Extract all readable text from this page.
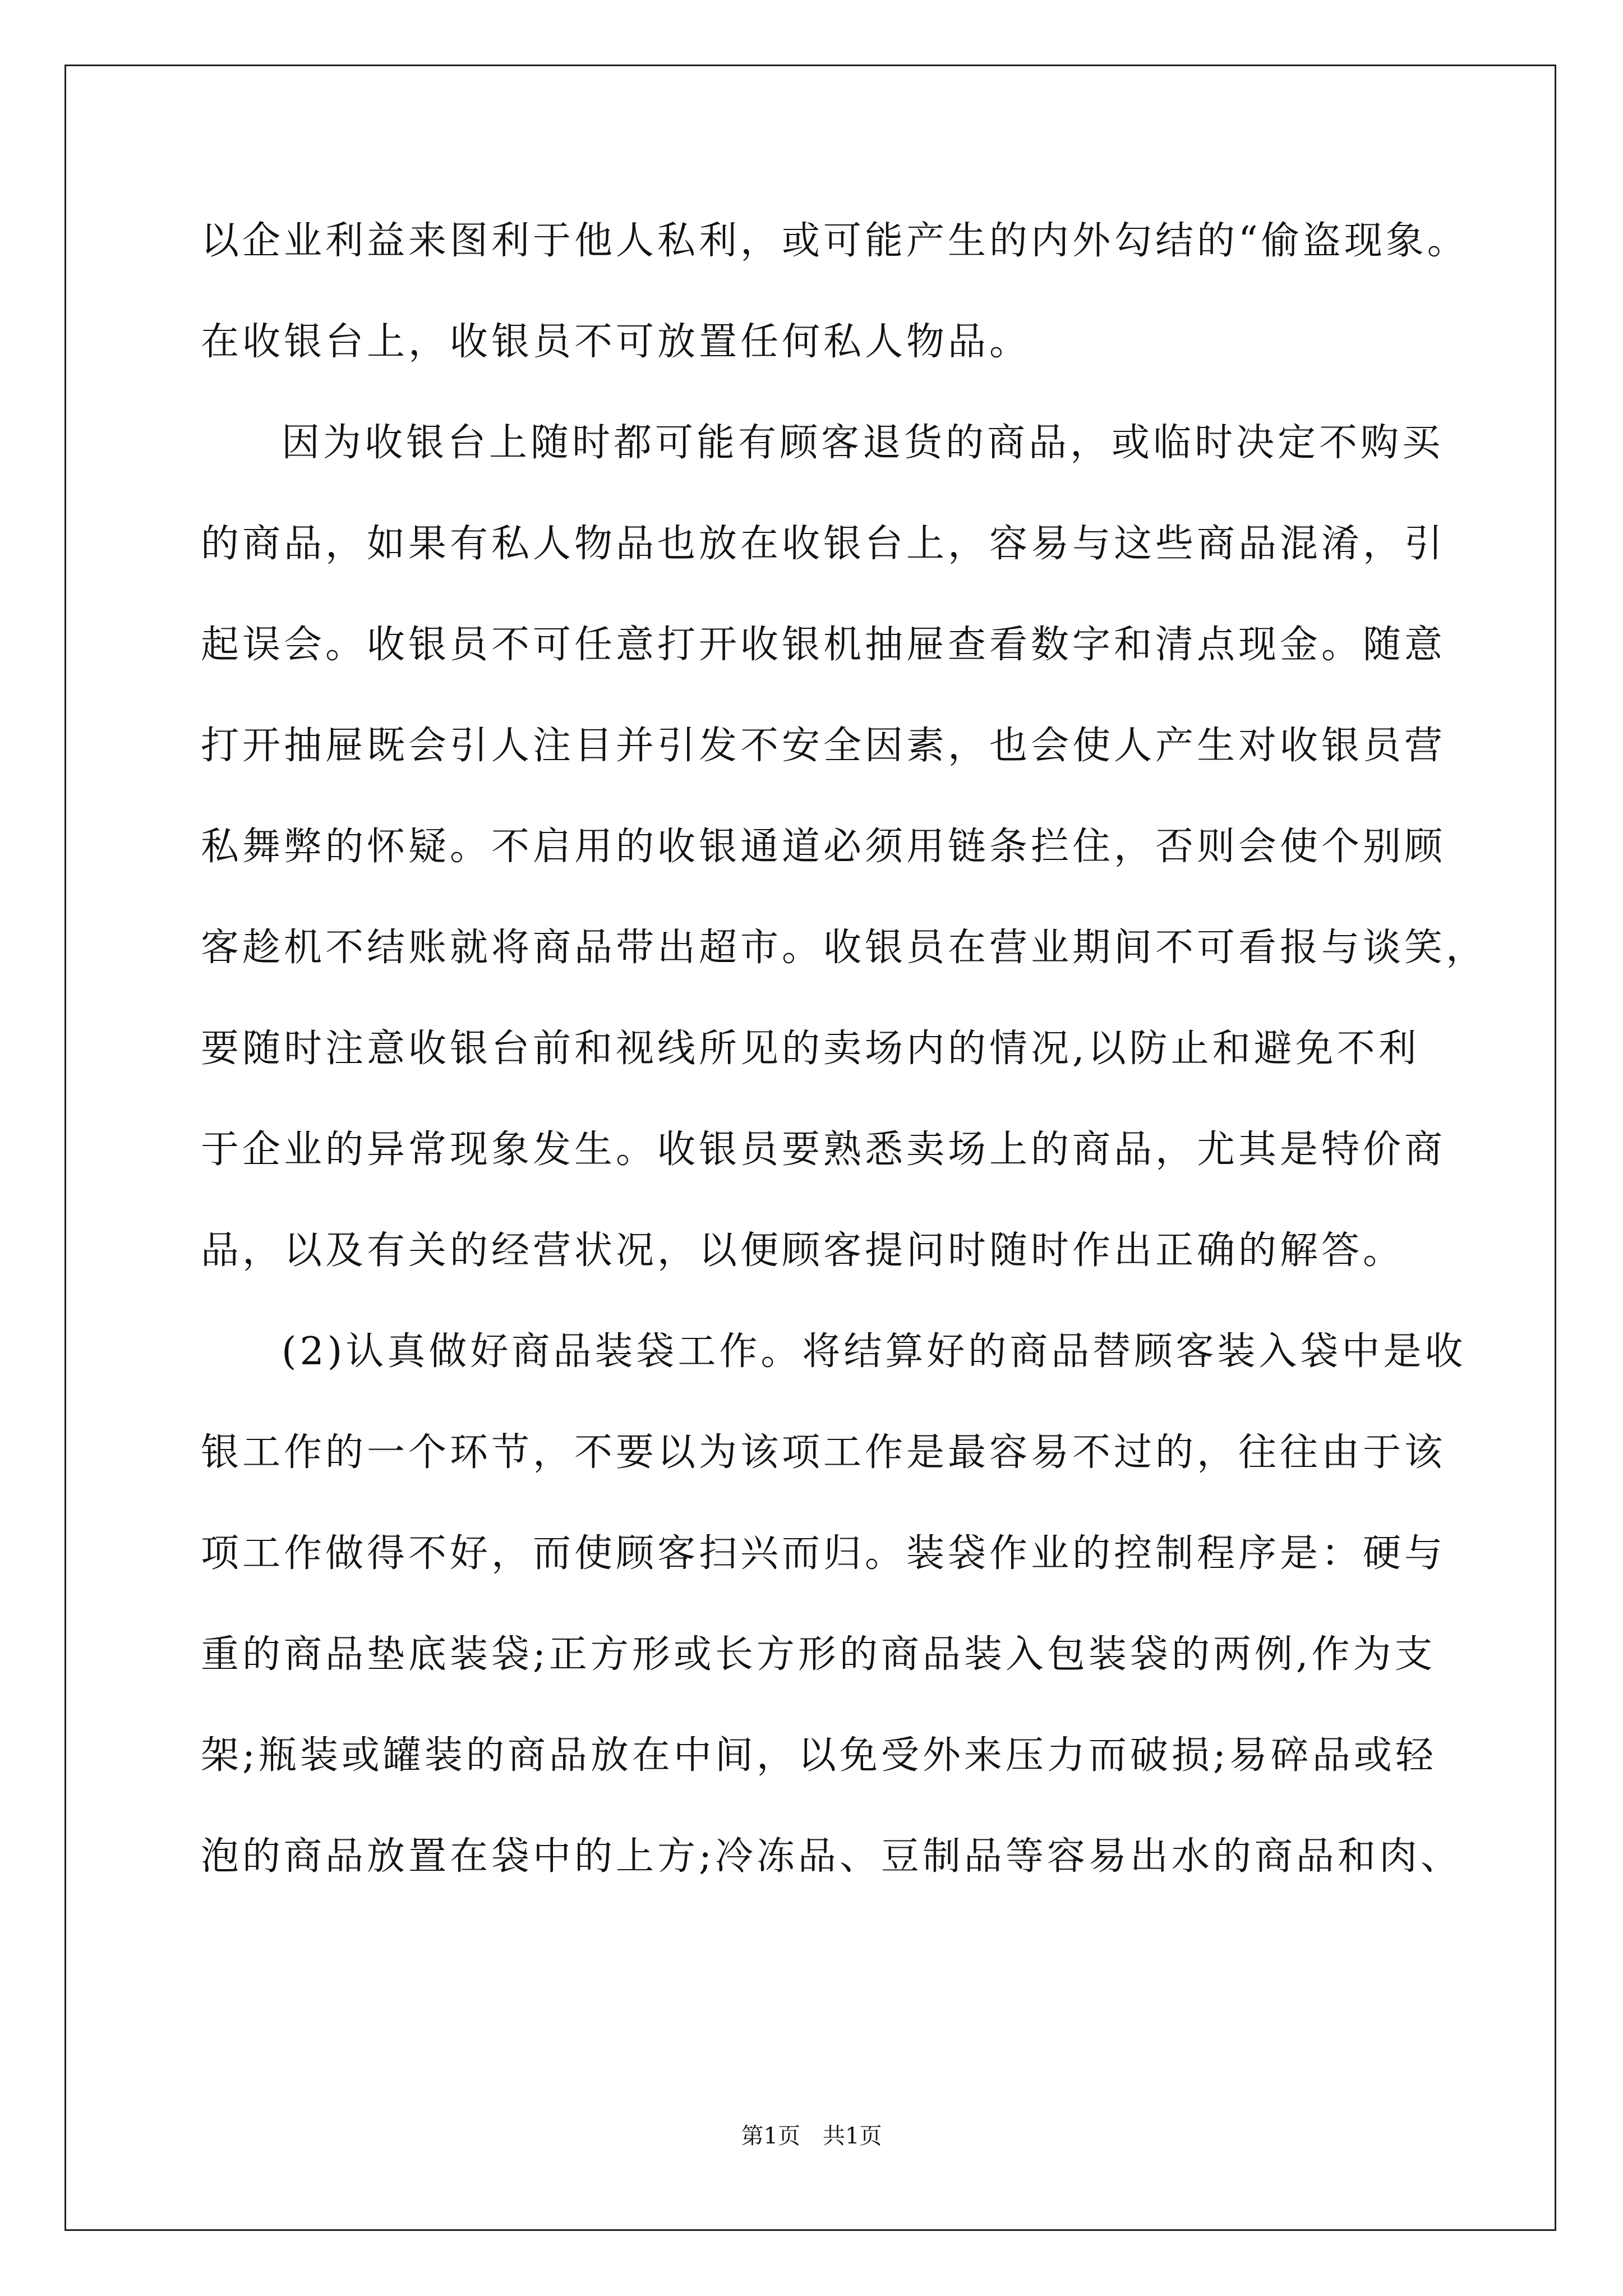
以企业利益来图利于他人私利，或可能产生的内外勾结的“偷盗现象。
在收银台上，收银员不可放置任何私人物品。
因为收银台上随时都可能有顾客退货的商品，或临时决定不购买
的商品，如果有私人物品也放在收银台上，容易与这些商品混淆，引
起误会。收银员不可任意打开收银机抽屉查看数字和清点现金。随意
打开抽屉既会引人注目并引发不安全因素，也会使人产生对收银员营
私舞弊的怀疑。不启用的收银通道必须用链条拦住，否则会使个别顾
客趁机不结账就将商品带出超市。收银员在营业期间不可看报与谈笑，
要随时注意收银台前和视线所见的卖场内的情况,以防止和避免不利
于企业的异常现象发生。收银员要熟悉卖场上的商品，尤其是特价商
品，以及有关的经营状况，以便顾客提问时随时作出正确的解答。
(2)认真做好商品装袋工作。将结算好的商品替顾客装入袋中是收
银工作的一个环节，不要以为该项工作是最容易不过的，往往由于该
项工作做得不好，而使顾客扫兴而归。装袋作业的控制程序是：硬与
重的商品垫底装袋;正方形或长方形的商品装入包装袋的两例,作为支
架;瓶装或罐装的商品放在中间，以免受外来压力而破损;易碎品或轻
泡的商品放置在袋中的上方;冷冻品、豆制品等容易出水的商品和肉、
第1页 共1页
